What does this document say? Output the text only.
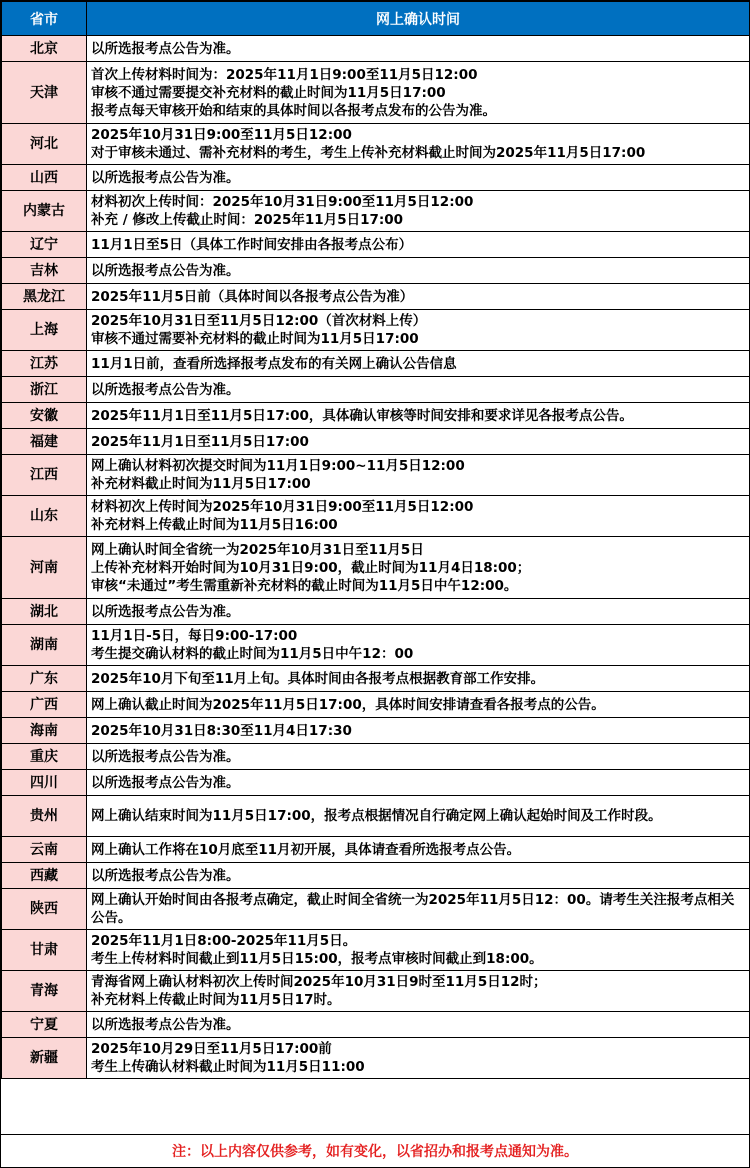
省市	网上确认时间
北京	以所选报考点公告为准。

天津	首次上传材料时间为：2025年11月1日9:00至11月5日12:00
审核不通过需要提交补充材料的截止时间为11月5日17:00
报考点每天审核开始和结束的具体时间以各报考点发布的公告为准。

河北	2025年10月31日9:00至11月5日12:00
对于审核未通过、需补充材料的考生，考生上传补充材料截止时间为2025年11月5日17:00

山西	以所选报考点公告为准。

内蒙古	材料初次上传时间：2025年10月31日9:00至11月5日12:00
补充 / 修改上传截止时间：2025年11月5日17:00

辽宁	11月1日至5日（具体工作时间安排由各报考点公布）

吉林	以所选报考点公告为准。

黑龙江	2025年11月5日前（具体时间以各报考点公告为准）

上海	2025年10月31日至11月5日12:00（首次材料上传）
审核不通过需要补充材料的截止时间为11月5日17:00

江苏	11月1日前，查看所选择报考点发布的有关网上确认公告信息

浙江	以所选报考点公告为准。

安徽	2025年11月1日至11月5日17:00，具体确认审核等时间安排和要求详见各报考点公告。

福建	2025年11月1日至11月5日17:00

江西	网上确认材料初次提交时间为11月1日9:00~11月5日12:00
补充材料截止时间为11月5日17:00

山东	材料初次上传时间为2025年10月31日9:00至11月5日12:00
补充材料上传截止时间为11月5日16:00

河南	网上确认时间全省统一为2025年10月31日至11月5日
上传补充材料开始时间为10月31日9:00，截止时间为11月4日18:00；
审核“未通过”考生需重新补充材料的截止时间为11月5日中午12:00。

湖北	以所选报考点公告为准。

湖南	11月1日-5日，每日9:00-17:00
考生提交确认材料的截止时间为11月5日中午12：00

广东	2025年10月下旬至11月上旬。具体时间由各报考点根据教育部工作安排。

广西	网上确认截止时间为2025年11月5日17:00，具体时间安排请查看各报考点的公告。

海南	2025年10月31日8:30至11月4日17:30

重庆	以所选报考点公告为准。

四川	以所选报考点公告为准。

贵州	网上确认结束时间为11月5日17:00，报考点根据情况自行确定网上确认起始时间及工作时段。

云南	网上确认工作将在10月底至11月初开展，具体请查看所选报考点公告。

西藏	以所选报考点公告为准。

陕西	网上确认开始时间由各报考点确定，截止时间全省统一为2025年11月5日12：00。请考生关注报考点相关公告。

甘肃	2025年11月1日8:00-2025年11月5日。
考生上传材料时间截止到11月5日15:00，报考点审核时间截止到18:00。

青海	青海省网上确认材料初次上传时间2025年10月31日9时至11月5日12时；
补充材料上传截止时间为11月5日17时。

宁夏	以所选报考点公告为准。

新疆	2025年10月29日至11月5日17:00前
考生上传确认材料截止时间为11月5日11:00
注：以上内容仅供参考，如有变化，以省招办和报考点通知为准。
